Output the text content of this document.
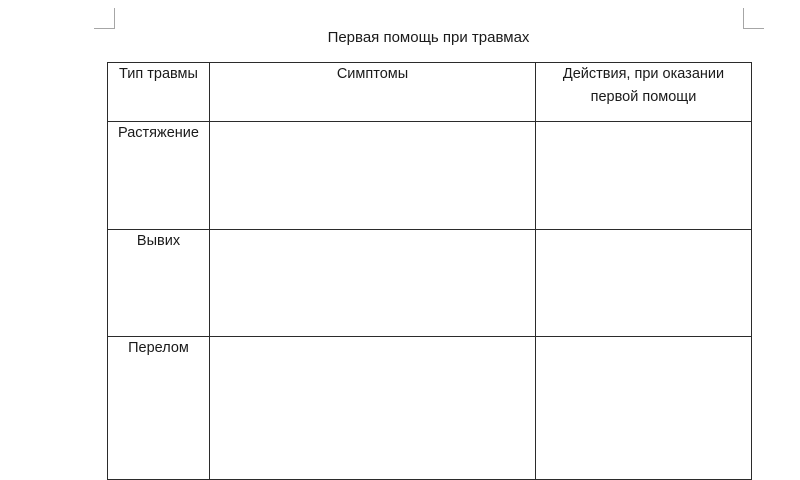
Первая помощь при травмах
Тип травмы	Симптомы	Действия, при оказании первой помощи
Растяжение		
Вывих		
Перелом		
